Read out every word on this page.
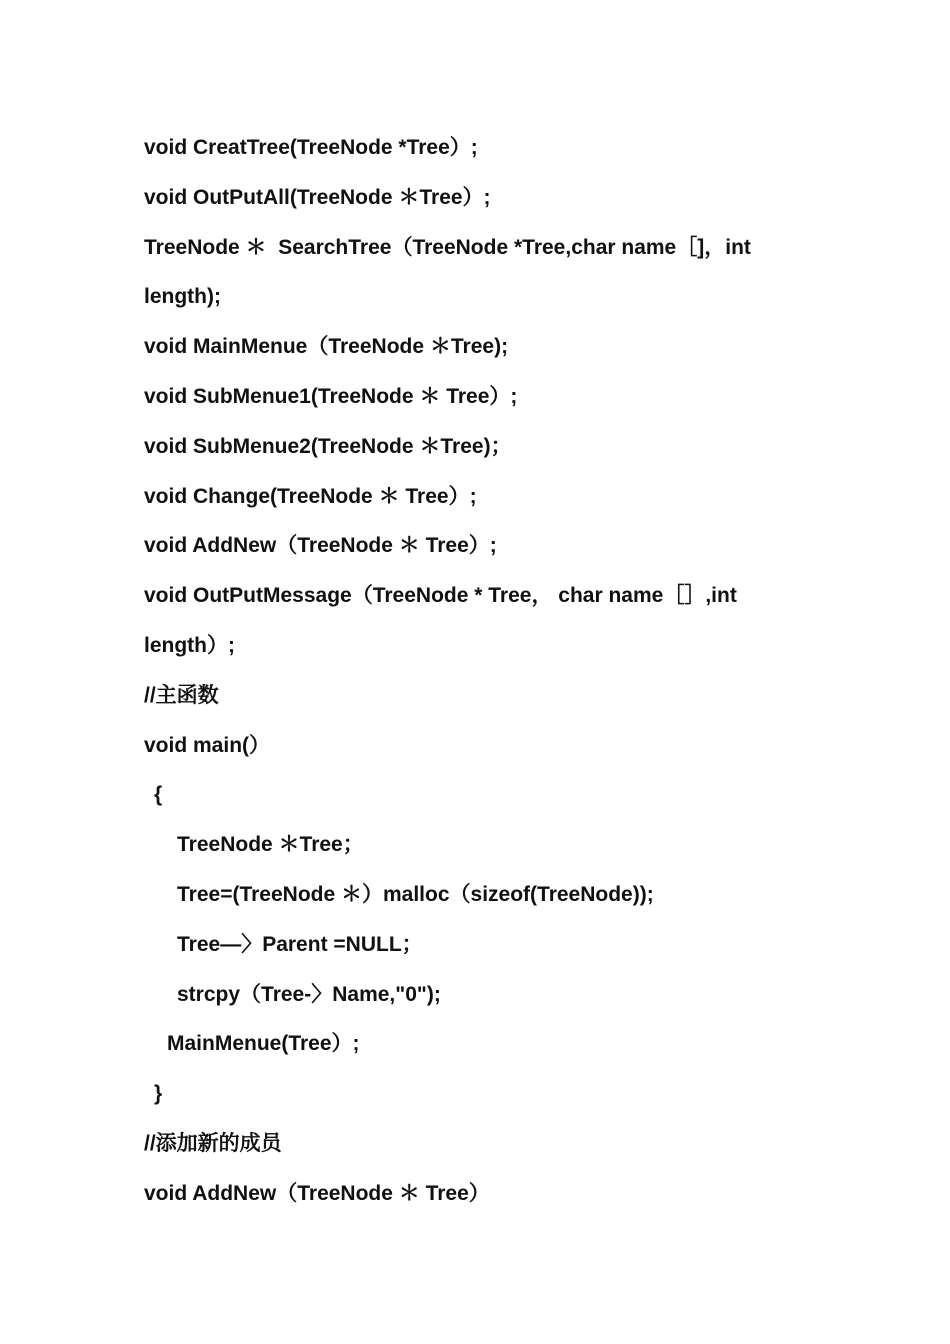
void CreatTree(TreeNode *Tree）;
void OutPutAll(TreeNode ＊Tree）;
TreeNode ＊  SearchTree（TreeNode *Tree,char name［]，int
length);
void MainMenue（TreeNode ＊Tree);
void SubMenue1(TreeNode ＊ Tree）;
void SubMenue2(TreeNode ＊Tree)；
void Change(TreeNode ＊ Tree）;
void AddNew（TreeNode ＊ Tree）;
void OutPutMessage（TreeNode * Tree， char name［］,int
length）;
//主函数
void main(）
{
TreeNode ＊Tree；
Tree=(TreeNode ＊）malloc（sizeof(TreeNode));
Tree—〉Parent =NULL；
strcpy（Tree-〉Name,"0");
MainMenue(Tree）;
}
//添加新的成员
void AddNew（TreeNode ＊ Tree）
